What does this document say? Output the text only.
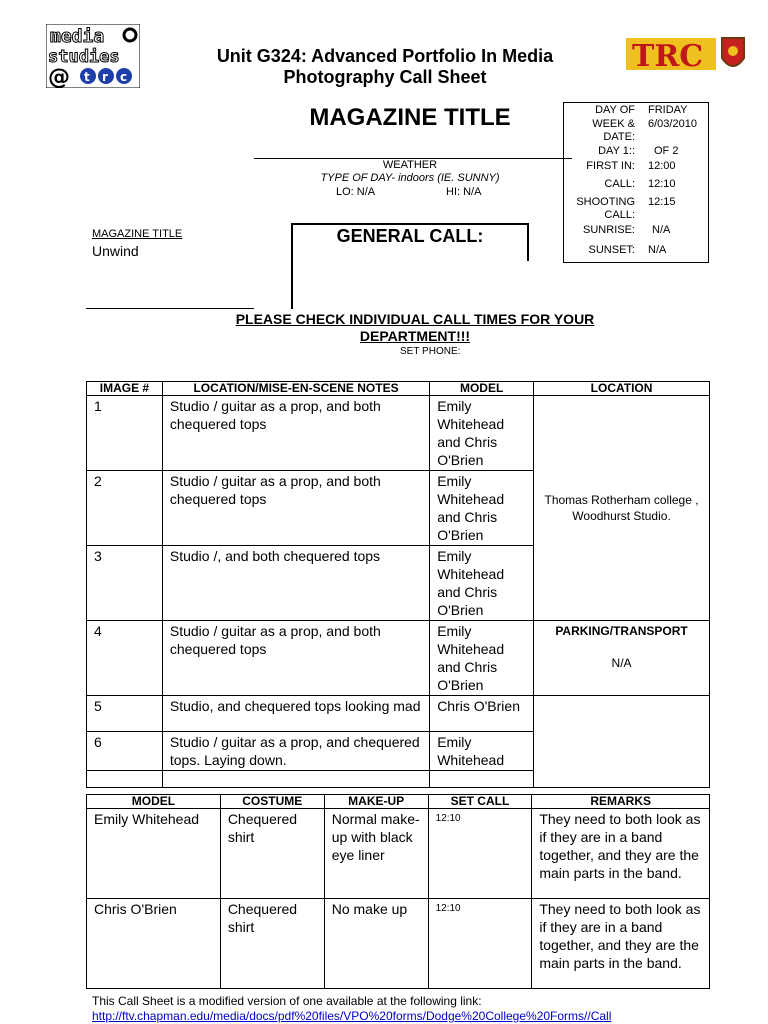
media
studies
@ t r c
TRC
Unit G324: Advanced Portfolio In Media
Photography Call Sheet
MAGAZINE TITLE
WEATHER
TYPE OF DAY- indoors (IE. SUNNY)
LO: N/A	HI: N/A
DAY OF FRIDAY
WEEK & 6/03/2010
DATE:
DAY 1:: OF 2
FIRST IN: 12:00
CALL: 12:10
SHOOTING 12:15
CALL:
SUNRISE: N/A
SUNSET: N/A
MAGAZINE TITLE
Unwind
GENERAL CALL:
PLEASE CHECK INDIVIDUAL CALL TIMES FOR YOUR
DEPARTMENT!!!
SET PHONE:
IMAGE #	LOCATION/MISE-EN-SCENE NOTES	MODEL	LOCATION
1	Studio / guitar as a prop, and both chequered tops	Emily Whitehead and Chris O'Brien	Thomas Rotherham college , Woodhurst Studio.
2	Studio / guitar as a prop, and both chequered tops	Emily Whitehead and Chris O'Brien	
3	Studio /, and both chequered tops	Emily Whitehead and Chris O'Brien	
4	Studio / guitar as a prop, and both chequered tops	Emily Whitehead and Chris O'Brien	PARKING/TRANSPORT
N/A

5	Studio, and chequered tops looking mad	Chris O'Brien	
6	Studio / guitar as a prop, and chequered tops. Laying down.	Emily Whitehead	

MODEL	COSTUME	MAKE-UP	SET CALL	REMARKS
Emily Whitehead	Chequered shirt	Normal make- up with black eye liner	12:10	They need to both look as if they are in a band together, and they are the main parts in the band.
Chris O'Brien	Chequered shirt	No make up	12:10	They need to both look as if they are in a band together, and they are the main parts in the band.
This Call Sheet is a modified version of one available at the following link:
http://ftv.chapman.edu/media/docs/pdf%20files/VPO%20forms/Dodge%20College%20Forms//Call
